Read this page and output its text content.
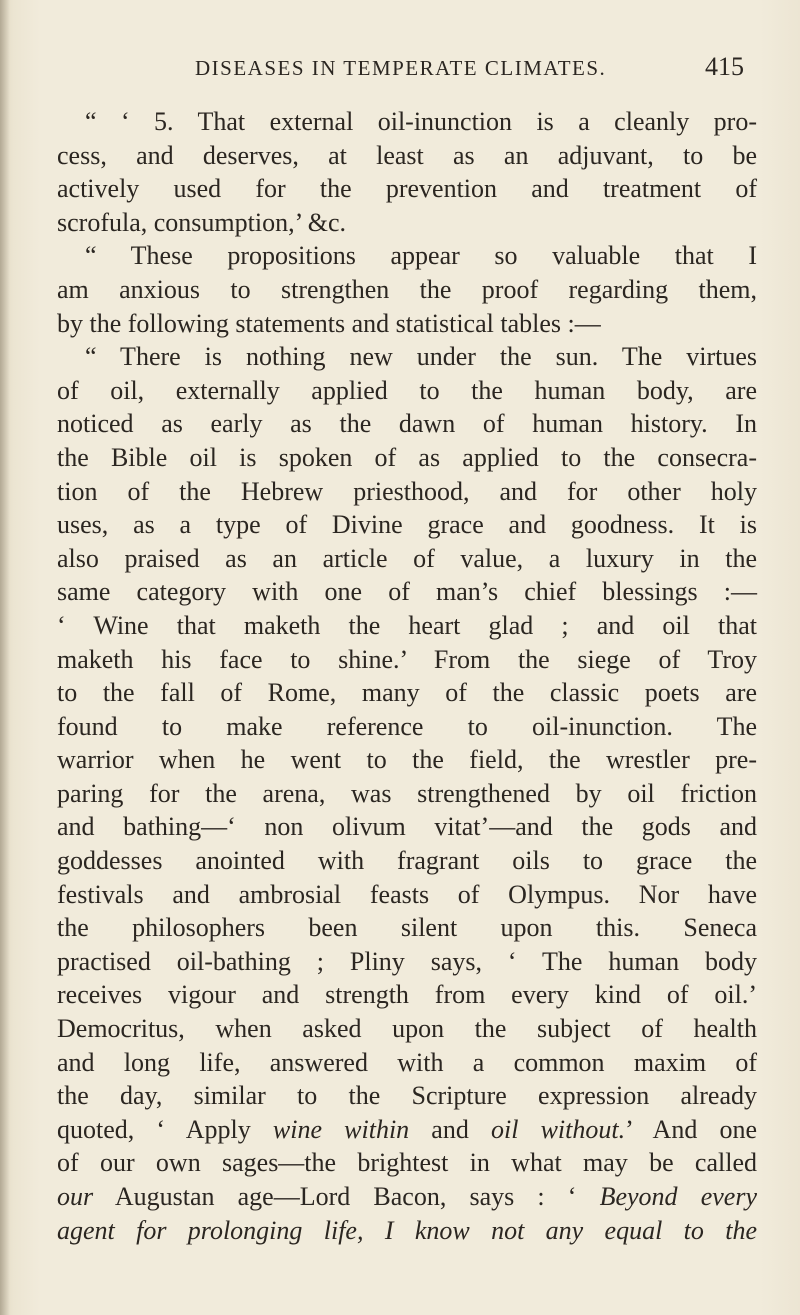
DISEASES IN TEMPERATE CLIMATES.	415
“ ‘ 5. That external oil-inunction is a cleanly pro-
cess, and deserves, at least as an adjuvant, to be
actively used for the prevention and treatment of
scrofula, consumption,’ &c.
“ These propositions appear so valuable that I
am anxious to strengthen the proof regarding them,
by the following statements and statistical tables :—
“ There is nothing new under the sun. The virtues
of oil, externally applied to the human body, are
noticed as early as the dawn of human history. In
the Bible oil is spoken of as applied to the consecra-
tion of the Hebrew priesthood, and for other holy
uses, as a type of Divine grace and goodness. It is
also praised as an article of value, a luxury in the
same category with one of man’s chief blessings :—
‘ Wine that maketh the heart glad ; and oil that
maketh his face to shine.’ From the siege of Troy
to the fall of Rome, many of the classic poets are
found to make reference to oil-inunction. The
warrior when he went to the field, the wrestler pre-
paring for the arena, was strengthened by oil friction
and bathing—‘ non olivum vitat’—and the gods and
goddesses anointed with fragrant oils to grace the
festivals and ambrosial feasts of Olympus. Nor have
the philosophers been silent upon this. Seneca
practised oil-bathing ; Pliny says, ‘ The human body
receives vigour and strength from every kind of oil.’
Democritus, when asked upon the subject of health
and long life, answered with a common maxim of
the day, similar to the Scripture expression already
quoted, ‘ Apply wine within and oil without.’ And one
of our own sages—the brightest in what may be called
our Augustan age—Lord Bacon, says : ‘ Beyond every
agent for prolonging life, I know not any equal to the
